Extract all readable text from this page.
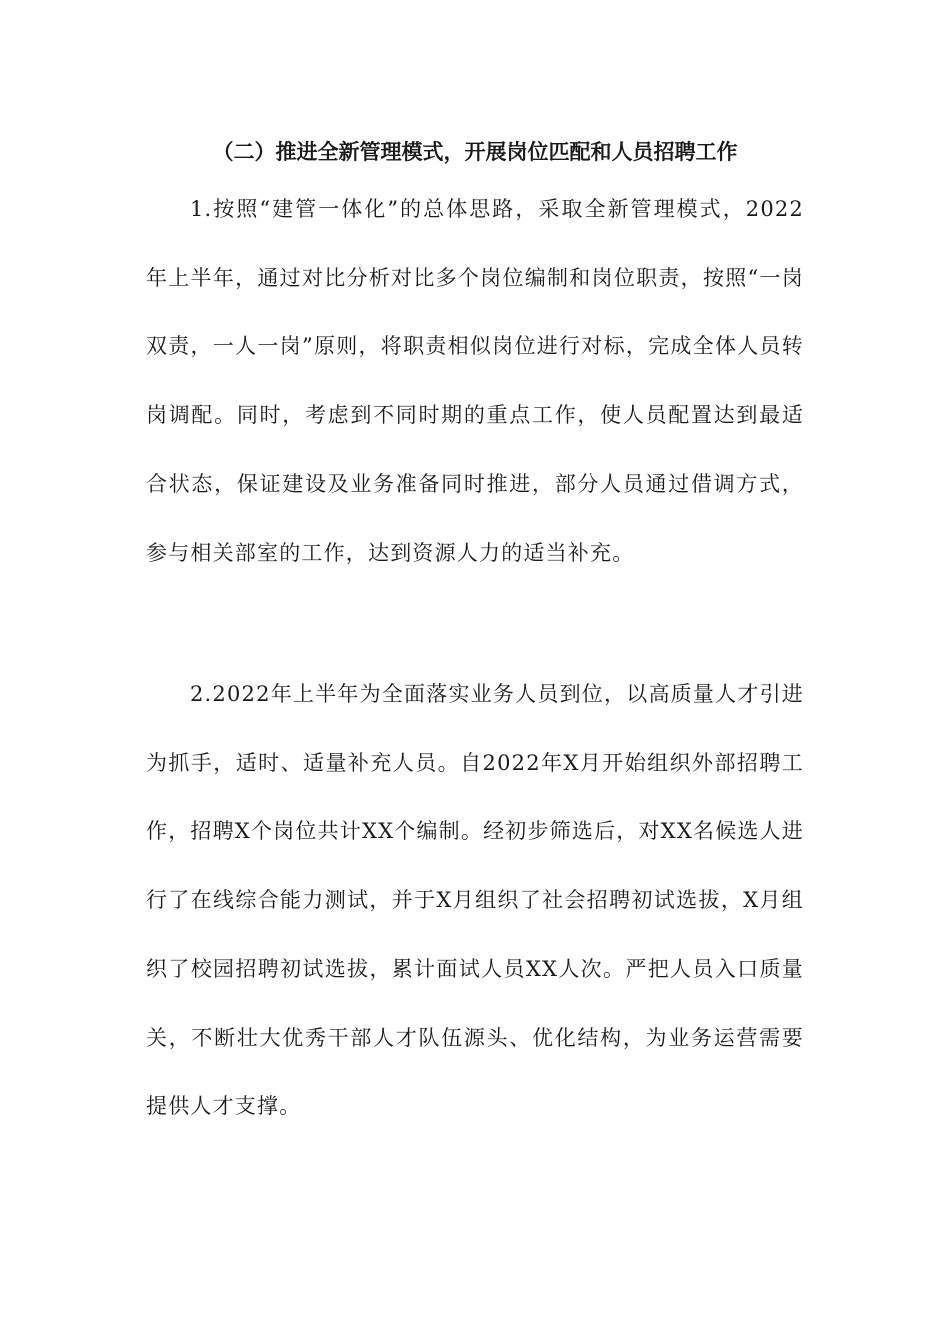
（二）推进全新管理模式，开展岗位匹配和人员招聘工作

1.按照“建管一体化”的总体思路，采取全新管理模式，2022年上半年，通过对比分析对比多个岗位编制和岗位职责，按照“一岗双责，一人一岗”原则，将职责相似岗位进行对标，完成全体人员转岗调配。同时，考虑到不同时期的重点工作，使人员配置达到最适合状态，保证建设及业务准备同时推进，部分人员通过借调方式，参与相关部室的工作，达到资源人力的适当补充。

2.2022年上半年为全面落实业务人员到位，以高质量人才引进为抓手，适时、适量补充人员。自2022年X月开始组织外部招聘工作，招聘X个岗位共计XX个编制。经初步筛选后，对XX名候选人进行了在线综合能力测试，并于X月组织了社会招聘初试选拔，X月组织了校园招聘初试选拔，累计面试人员XX人次。严把人员入口质量关，不断壮大优秀干部人才队伍源头、优化结构，为业务运营需要提供人才支撑。
